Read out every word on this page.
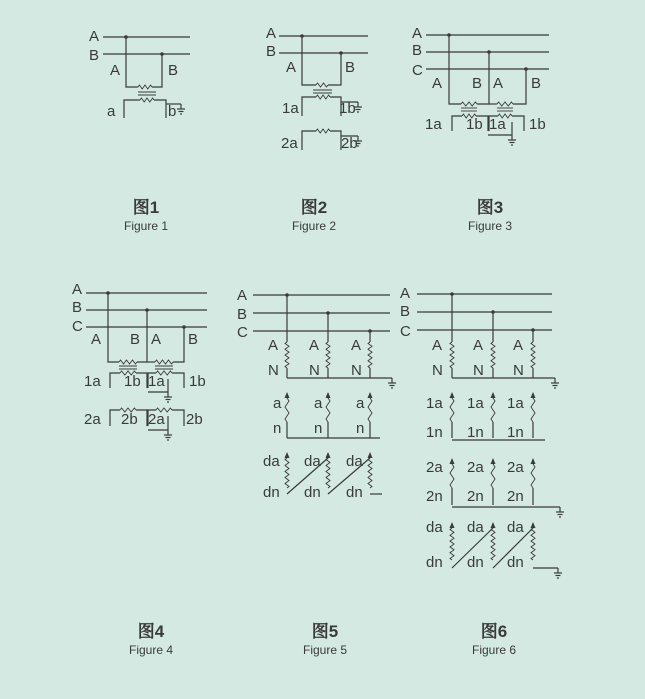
A
B
A	B
a	b
图1
Figure 1
A
B
A	B
1a	1b
2a	2b
图2
Figure 2
A
B
C
A B A B
1a 1b 1a 1b
图3
Figure 3
A
B
C
A B A B
1a 1b 1a 1b
2a 2b 2a 2b
图4
Figure 4
A
B
C
A
N
A
N
A
N
a
n
a
n
a
n
da
dn
da
dn
da
dn
图5
Figure 5
A
B
C
A
N
A
N
A
N
1a
1n
1a
1n
1a
1n
2a
2n
2a
2n
2a
2n
da
dn
da
dn
da
dn
图6
Figure 6
